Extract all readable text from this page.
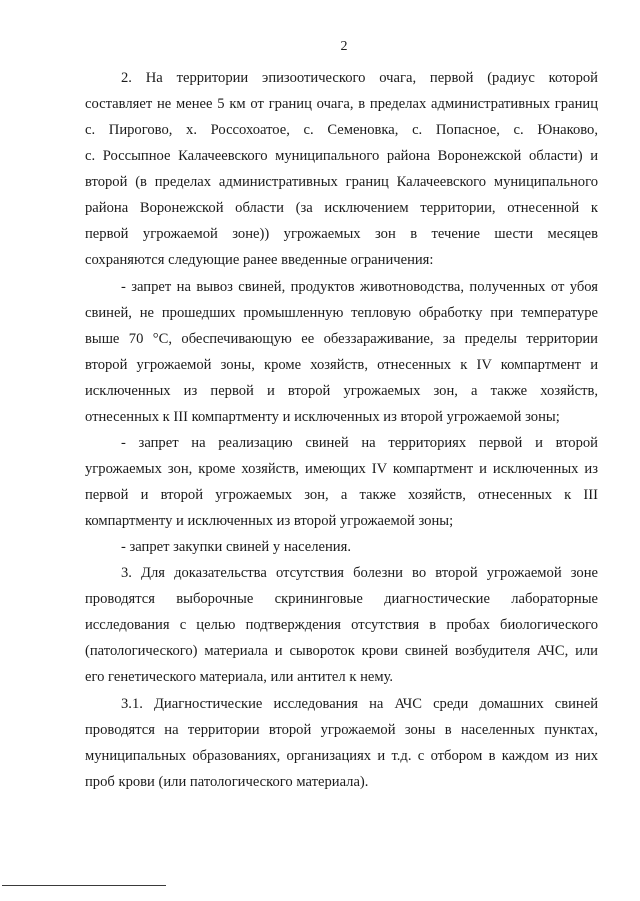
2
2. На территории эпизоотического очага, первой (радиус которой
составляет не менее 5 км от границ очага, в пределах административных границ
с. Пирогово, х. Россохоатое, с. Семеновка, с. Попасное, с. Юнаково,
с. Россыпное Калачеевского муниципального района Воронежской области) и
второй (в пределах административных границ Калачеевского муниципального
района Воронежской области (за исключением территории, отнесенной к
первой угрожаемой зоне)) угрожаемых зон в течение шести месяцев
сохраняются следующие ранее введенные ограничения:
- запрет на вывоз свиней, продуктов животноводства, полученных от убоя
свиней, не прошедших промышленную тепловую обработку при температуре
выше 70 °С, обеспечивающую ее обеззараживание, за пределы территории
второй угрожаемой зоны, кроме хозяйств, отнесенных к IV компартмент и
исключенных из первой и второй угрожаемых зон, а также хозяйств,
отнесенных к III компартменту и исключенных из второй угрожаемой зоны;
- запрет на реализацию свиней на территориях первой и второй
угрожаемых зон, кроме хозяйств, имеющих IV компартмент и исключенных из
первой и второй угрожаемых зон, а также хозяйств, отнесенных к III
компартменту и исключенных из второй угрожаемой зоны;
- запрет закупки свиней у населения.
3. Для доказательства отсутствия болезни во второй угрожаемой зоне
проводятся выборочные скрининговые диагностические лабораторные
исследования с целью подтверждения отсутствия в пробах биологического
(патологического) материала и сывороток крови свиней возбудителя АЧС, или
его генетического материала, или антител к нему.
3.1. Диагностические исследования на АЧС среди домашних свиней
проводятся на территории второй угрожаемой зоны в населенных пунктах,
муниципальных образованиях, организациях и т.д. с отбором в каждом из них
проб крови (или патологического материала).
